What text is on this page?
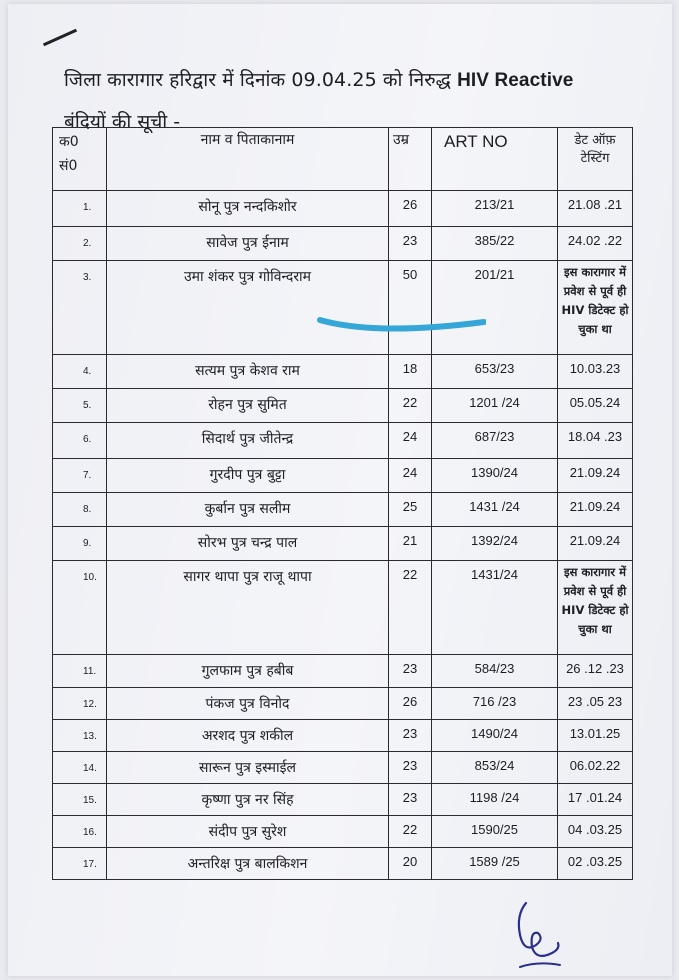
जिला कारागार हरिद्वार में दिनांक 09.04.25 को निरुद्ध HIV Reactive
बंदियों की सूची -
क0
सं0	नाम व पिताकानाम	उम्र	ART NO	डेट ऑफ़ टेस्टिंग
1.	सोनू पुत्र नन्दकिशोर	26	213/21	21.08 .21
2.	सावेज पुत्र ईनाम	23	385/22	24.02 .22
3.	उमा शंकर पुत्र गोविन्दराम	50	201/21	इस कारागार में प्रवेश से पूर्व ही HIV डिटेक्ट हो चुका था
4.	सत्यम पुत्र केशव राम	18	653/23	10.03.23
5.	रोहन पुत्र सुमित	22	1201 /24	05.05.24
6.	सिदार्थ पुत्र जीतेन्द्र	24	687/23	18.04 .23
7.	गुरदीप पुत्र बुट्टा	24	1390/24	21.09.24
8.	कुर्बान पुत्र सलीम	25	1431 /24	21.09.24
9.	सोरभ पुत्र चन्द्र पाल	21	1392/24	21.09.24
10.	सागर थापा पुत्र राजू थापा	22	1431/24	इस कारागार में प्रवेश से पूर्व ही HIV डिटेक्ट हो चुका था
11.	गुलफाम पुत्र हबीब	23	584/23	26 .12 .23
12.	पंकज पुत्र विनोद	26	716 /23	23 .05 23
13.	अरशद पुत्र शकील	23	1490/24	13.01.25
14.	सारून पुत्र इस्माईल	23	853/24	06.02.22
15.	कृष्णा पुत्र नर सिंह	23	1198 /24	17 .01.24
16.	संदीप पुत्र सुरेश	22	1590/25	04 .03.25
17.	अन्तरिक्ष पुत्र बालकिशन	20	1589 /25	02 .03.25
